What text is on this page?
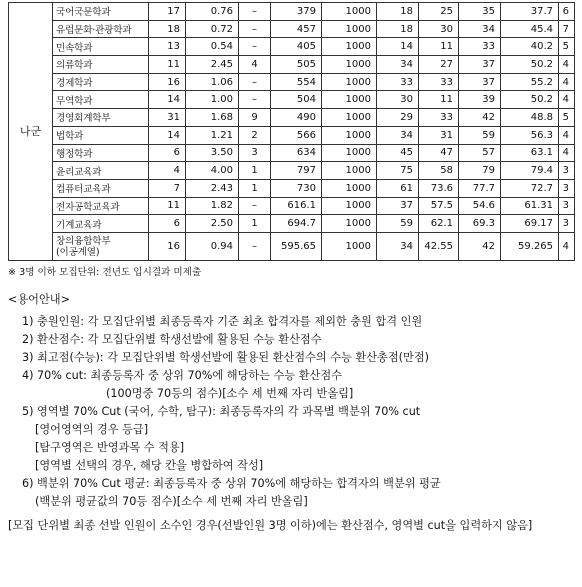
나군	국어국문학과	17	0.76	–	379	1000	18	25	35	37.7	6
	유럽문화·관광학과	18	0.72	–	457	1000	18	30	34	45.4	7
	민속학과	13	0.54	–	405	1000	14	11	33	40.2	5
	의류학과	11	2.45	4	505	1000	34	27	37	50.2	4
	경제학과	16	1.06	–	554	1000	33	33	37	55.2	4
	무역학과	14	1.00	–	504	1000	30	11	39	50.2	4
	경영회계학부	31	1.68	9	490	1000	29	33	42	48.8	5
	법학과	14	1.21	2	566	1000	34	31	59	56.3	4
	행정학과	6	3.50	3	634	1000	45	47	57	63.1	4
	윤리교육과	4	4.00	1	797	1000	75	58	79	79.4	3
	컴퓨터교육과	7	2.43	1	730	1000	61	73.6	77.7	72.7	3
	전자공학교육과	11	1.82	–	616.1	1000	37	57.5	54.6	61.31	3
	기계교육과	6	2.50	1	694.7	1000	59	62.1	69.3	69.17	3
	창의융합학부
(이공계열)	16	0.94	–	595.65	1000	34	42.55	42	59.265	4
※ 3명 이하 모집단위: 전년도 입시결과 미제출
<용어안내>
1) 충원인원: 각 모집단위별 최종등록자 기준 최초 합격자를 제외한 충원 합격 인원
2) 환산점수: 각 모집단위별 학생선발에 활용된 수능 환산점수
3) 최고점(수능): 각 모집단위별 학생선발에 활용된 환산점수의 수능 환산총점(만점)
4) 70% cut: 최종등록자 중 상위 70%에 해당하는 수능 환산점수
(100명중 70등의 점수)[소수 세 번째 자리 반올림]
5) 영역별 70% Cut (국어, 수학, 탐구): 최종등록자의 각 과목별 백분위 70% cut
[영어영역의 경우 등급]
[탐구영역은 반영과목 수 적용]
[영역별 선택의 경우, 해당 칸을 병합하여 작성]
6) 백분위 70% Cut 평균: 최종등록자 중 상위 70%에 해당하는 합격자의 백분위 평균
(백분위 평균값의 70등 점수)[소수 세 번째 자리 반올림]
[모집 단위별 최종 선발 인원이 소수인 경우(선발인원 3명 이하)에는 환산점수, 영역별 cut을 입력하지 않음]
